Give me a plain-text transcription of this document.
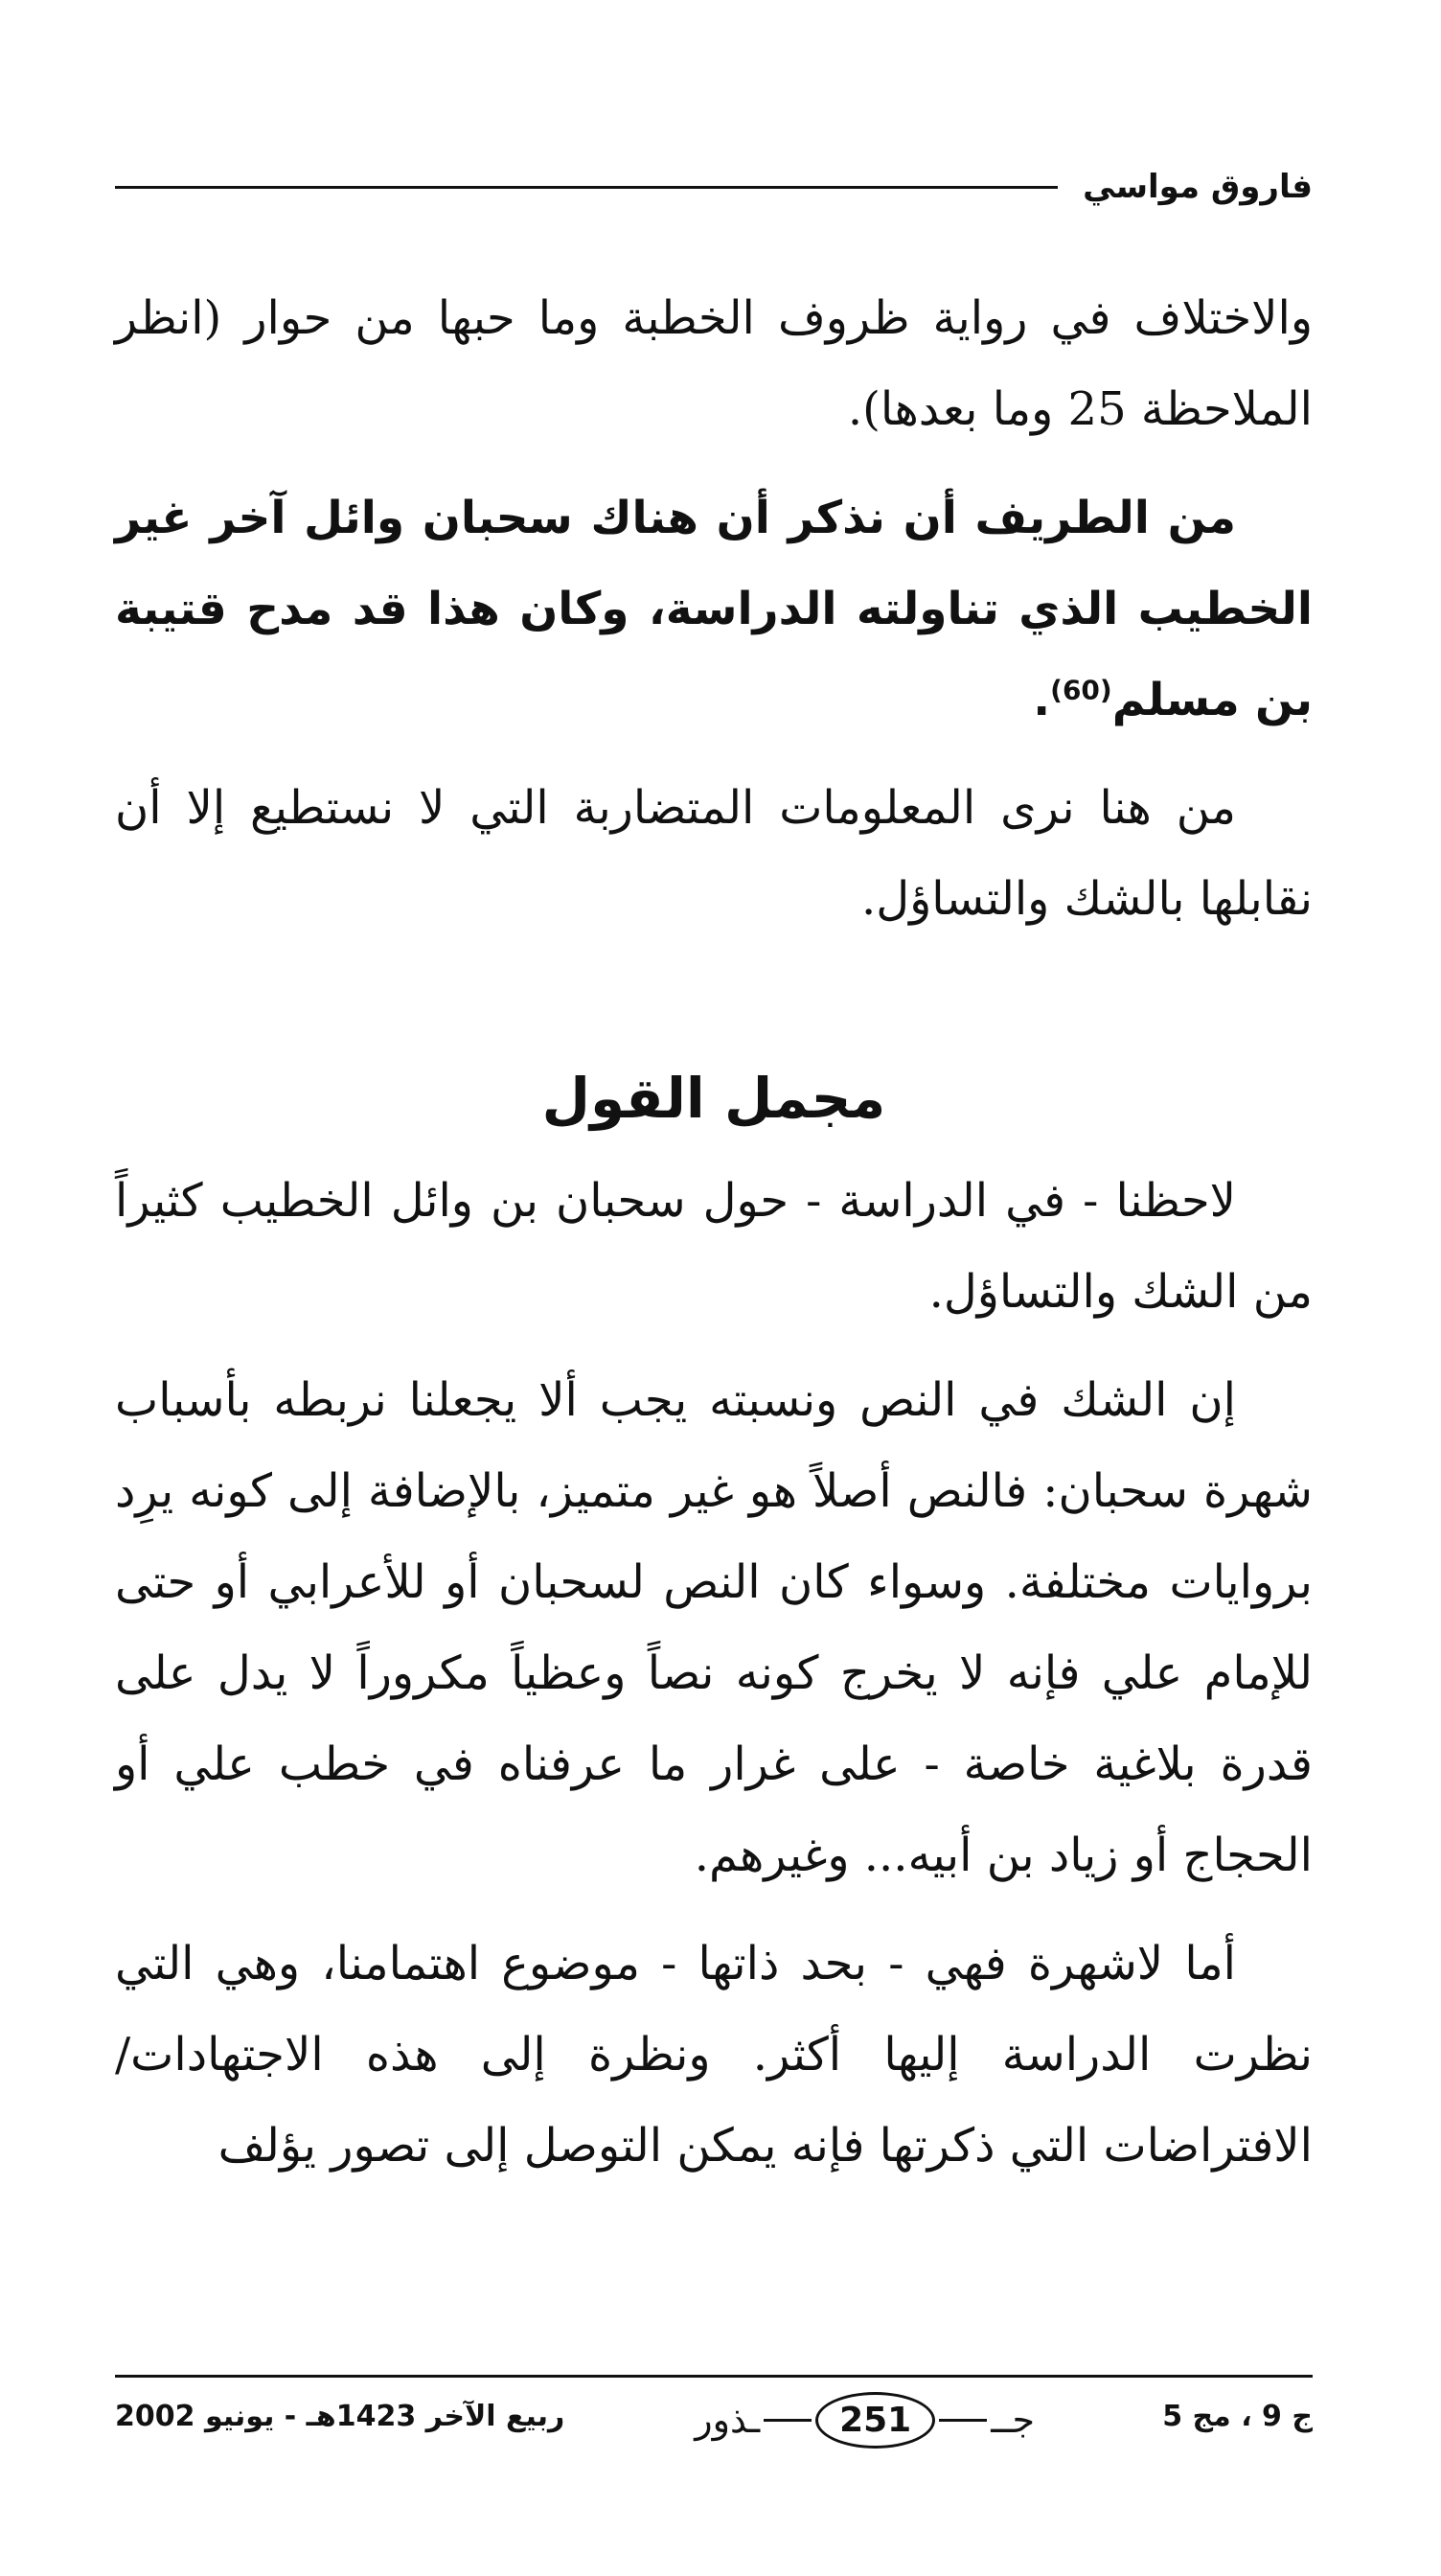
فاروق مواسي

والاختلاف في رواية ظروف الخطبة وما حبها من حوار (انظر الملاحظة 25 وما بعدها).

من الطريف أن نذكر أن هناك سحبان وائل آخر غير الخطيب الذي تناولته الدراسة، وكان هذا قد مدح قتيبة بن مسلم$^{(60)}$.

من هنا نرى المعلومات المتضاربة التي لا نستطيع إلا أن نقابلها بالشك والتساؤل.

مجمل القول

لاحظنا - في الدراسة - حول سحبان بن وائل الخطيب كثيراً من الشك والتساؤل.

إن الشك في النص ونسبته يجب ألا يجعلنا نربطه بأسباب شهرة سحبان: فالنص أصلاً هو غير متميز، بالإضافة إلى كونه يرِد بروايات مختلفة. وسواء كان النص لسحبان أو للأعرابي أو حتى للإمام علي فإنه لا يخرج كونه نصاً وعظياً مكروراً لا يدل على قدرة بلاغية خاصة - على غرار ما عرفناه في خطب علي أو الحجاج أو زياد بن أبيه... وغيرهم.

أما لاشهرة فهي - بحد ذاتها - موضوع اهتمامنا، وهي التي نظرت الدراسة إليها أكثر. ونظرة إلى هذه الاجتهادات/ الافتراضات التي ذكرتها فإنه يمكن التوصل إلى تصور يؤلف

ج 9 ، مج 5
جــ
251
ـذور
ربيع الآخر 1423هـ - يونيو 2002
